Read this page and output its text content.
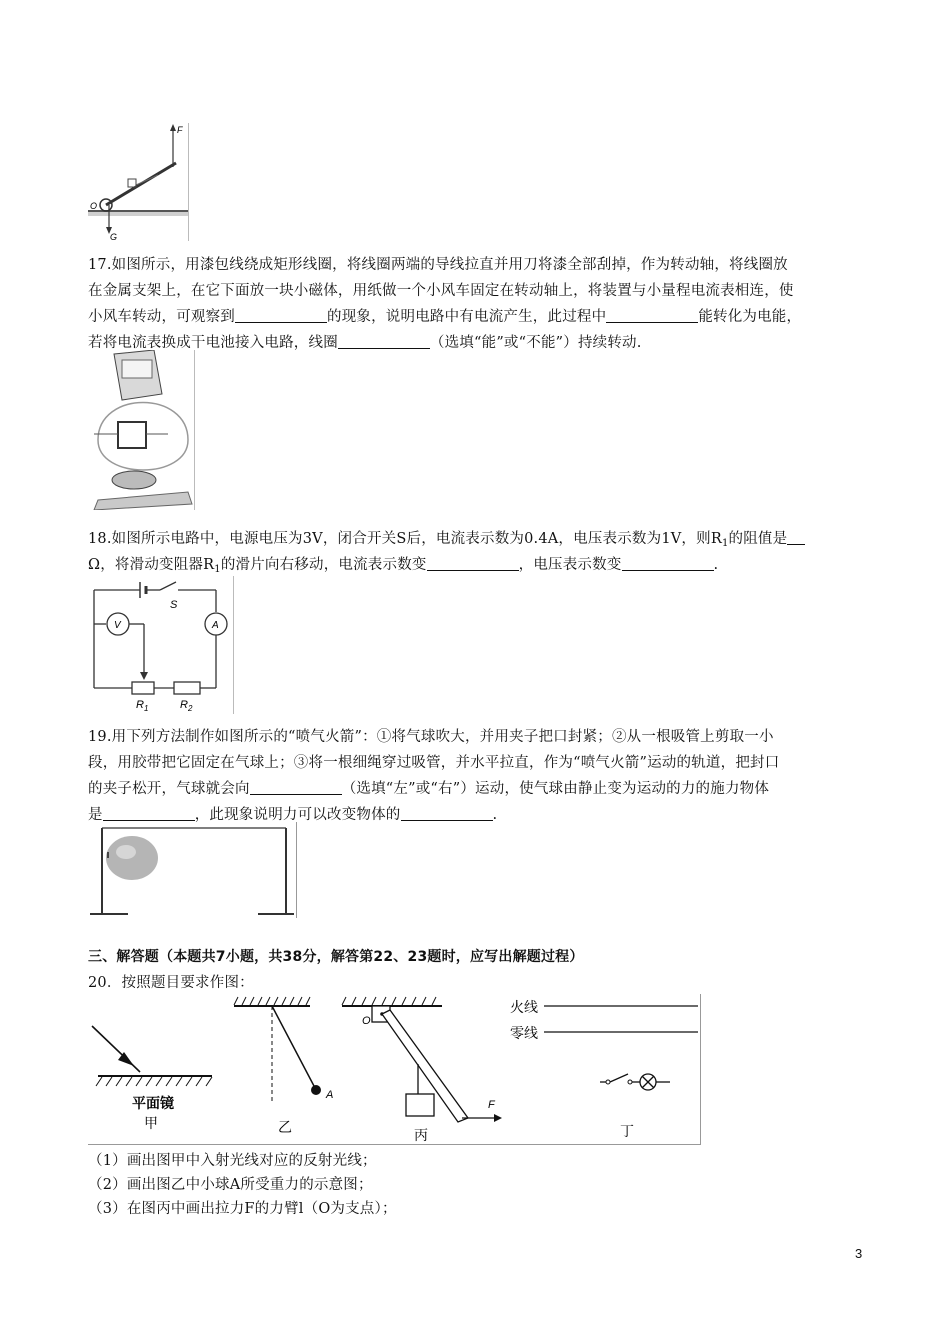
F
O
G
17.如图所示，用漆包线绕成矩形线圈，将线圈两端的导线拉直并用刀将漆全部刮掉，作为转动轴，将线圈放
在金属支架上，在它下面放一块小磁体，用纸做一个小风车固定在转动轴上，将装置与小量程电流表相连，使
小风车转动，可观察到	的现象，说明电路中有电流产生，此过程中	能转化为电能，
若将电流表换成干电池接入电路，线圈	（选填“能”或“不能”）持续转动.
18.如图所示电路中，电源电压为3V，闭合开关S后，电流表示数为0.4A，电压表示数为1V，则$R_1$的阻值是
Ω，将滑动变阻器$R_1$的滑片向右移动，电流表示数变	，电压表示数变	.
S
V	A
$R_1$	$R_2$
19.用下列方法制作如图所示的“喷气火箭”：①将气球吹大，并用夹子把口封紧；②从一根吸管上剪取一小
段，用胶带把它固定在气球上；③将一根细绳穿过吸管，并水平拉直，作为“喷气火箭”运动的轨道，把封口
的夹子松开，气球就会向	（选填“左”或“右”）运动，使气球由静止变为运动的力的施力物体
是	，此现象说明力可以改变物体的	.
三、解答题（本题共7小题，共38分，解答第22、23题时，应写出解题过程）
20．按照题目要求作图：
平面镜
甲
A
乙
F
O
丙
火线
零线
丁
（1）画出图甲中入射光线对应的反射光线；
（2）画出图乙中小球A所受重力的示意图；
（3）在图丙中画出拉力F的力臂l（O为支点）；
3
